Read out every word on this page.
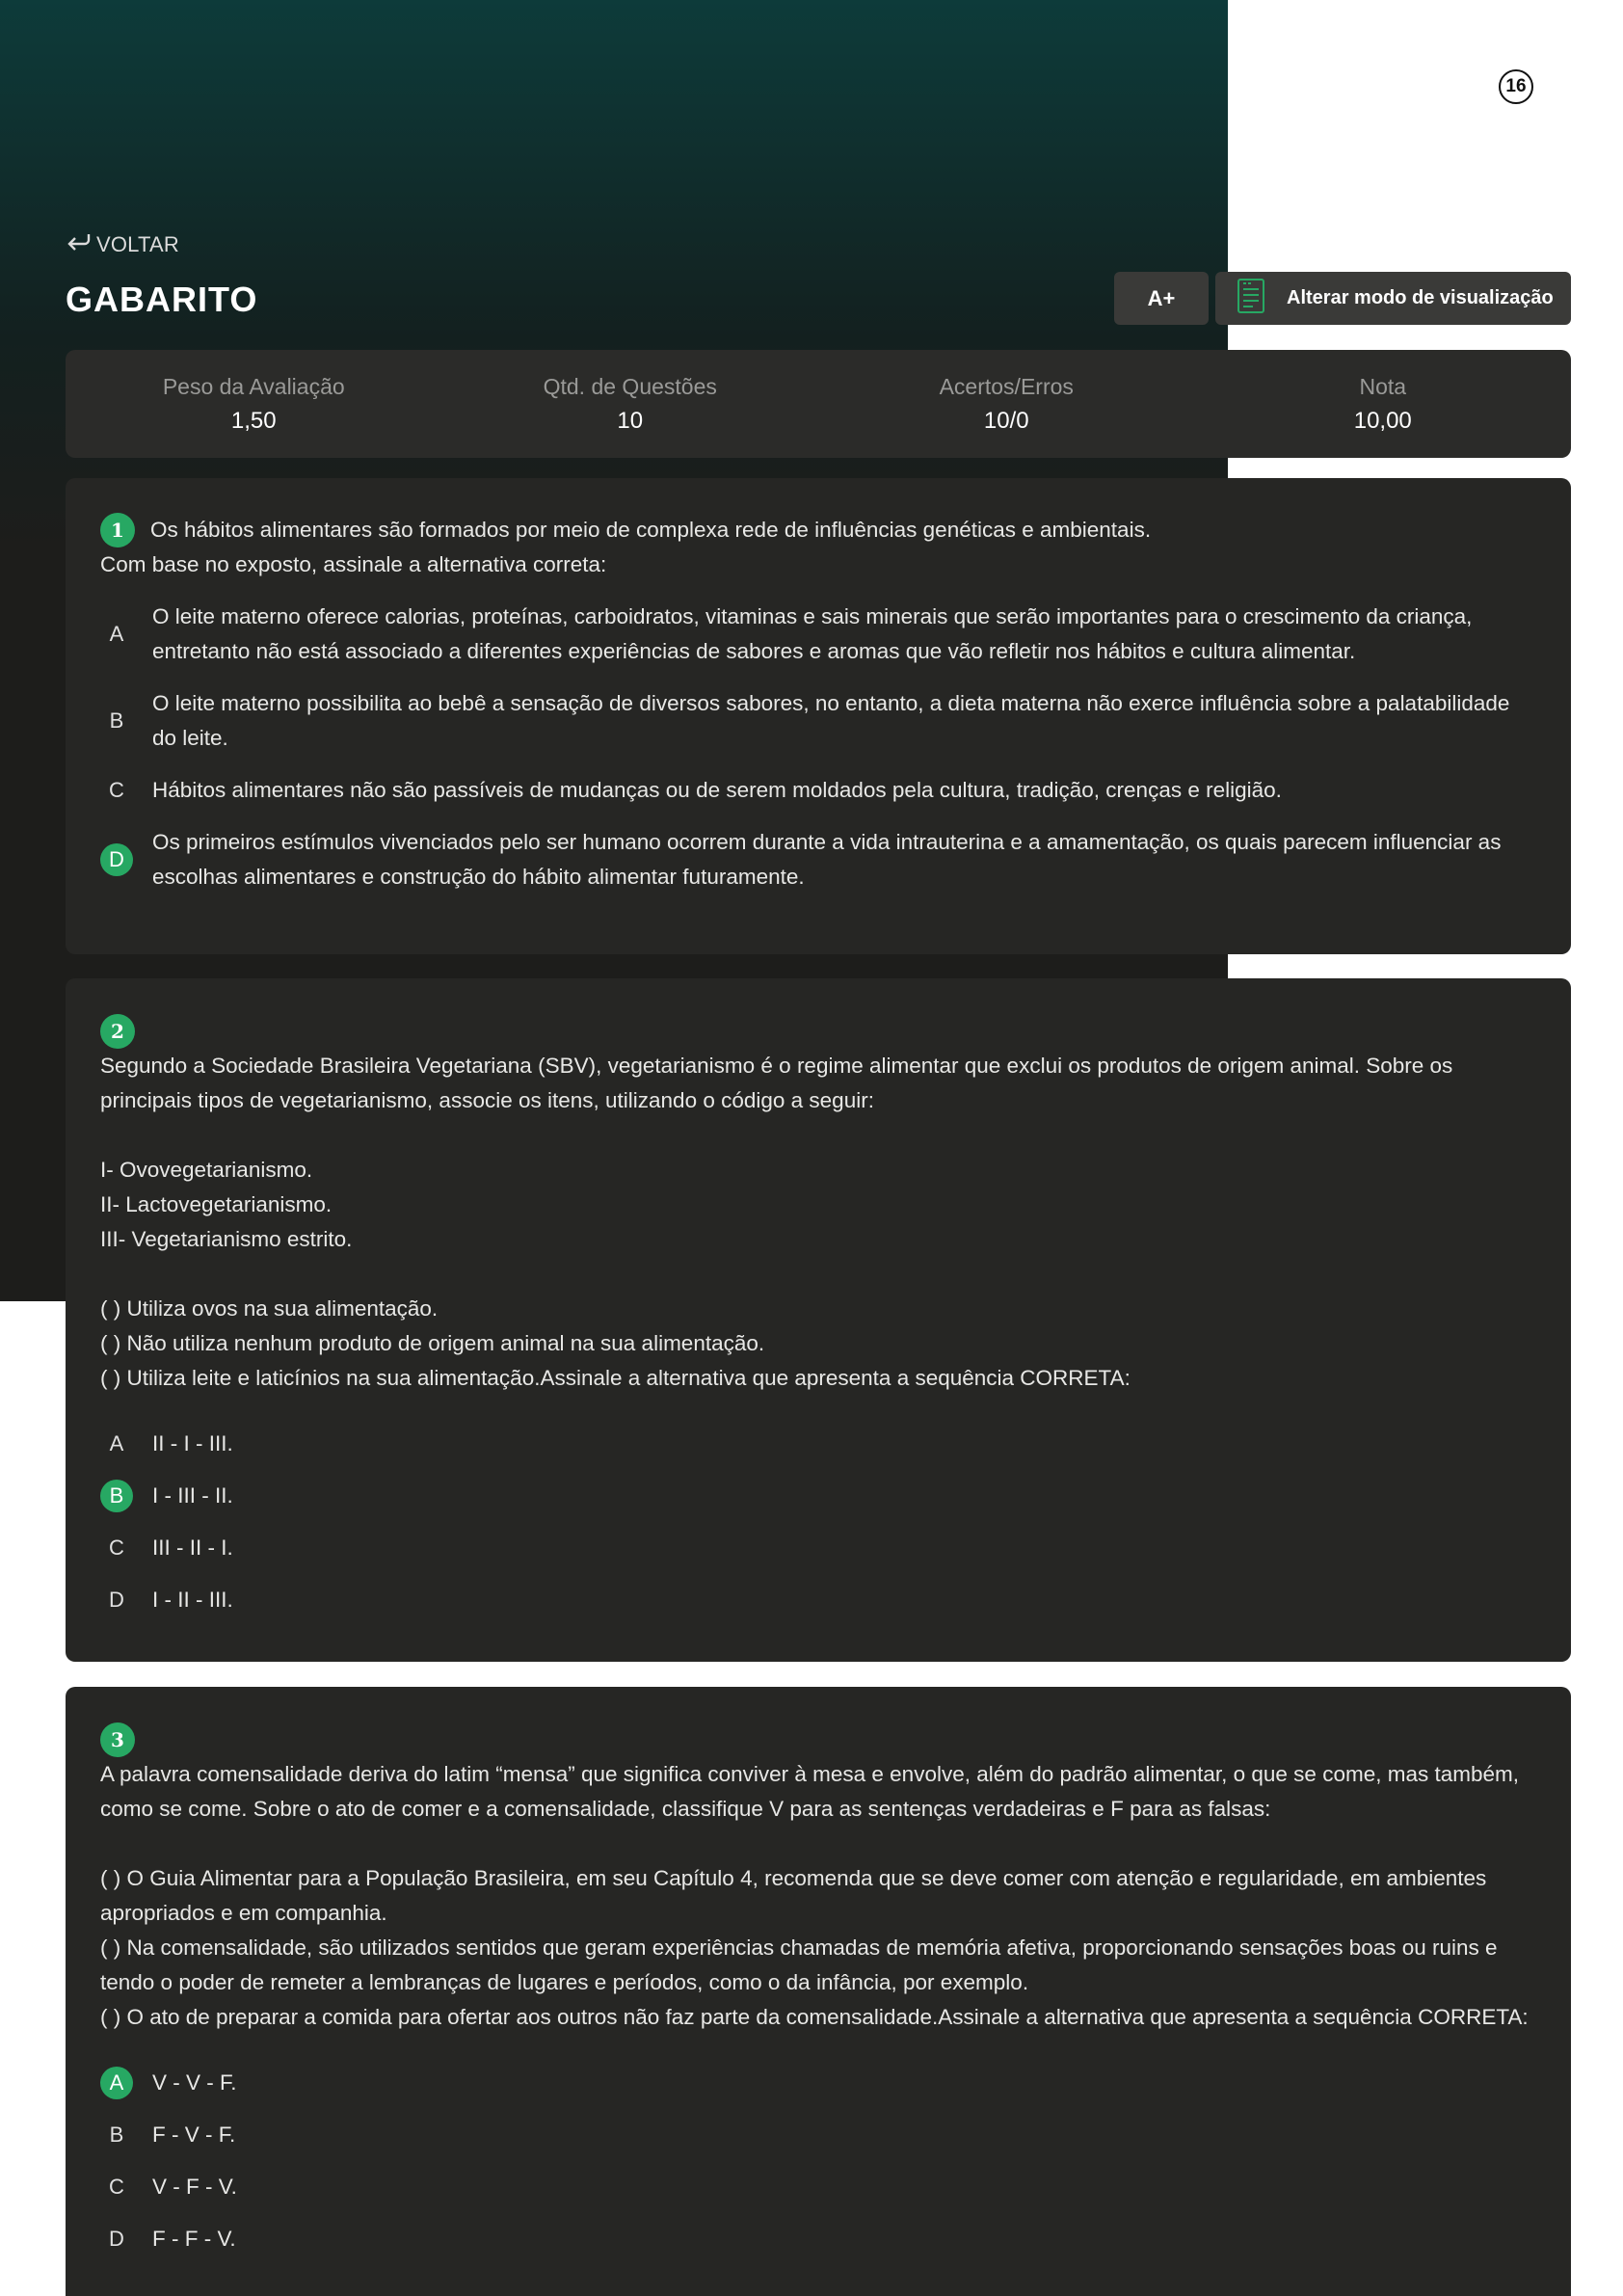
16
VOLTAR
GABARITO	A+	Alterar modo de visualização
Peso da Avaliação
1,50
Qtd. de Questões
10
Acertos/Erros
10/0
Nota
10,00
1	Os hábitos alimentares são formados por meio de complexa rede de influências genéticas e ambientais.
Com base no exposto, assinale a alternativa correta:
A
O leite materno oferece calorias, proteínas, carboidratos, vitaminas e sais minerais que serão importantes para o crescimento da criança, entretanto não está associado a diferentes experiências de sabores e aromas que vão refletir nos hábitos e cultura alimentar.
B
O leite materno possibilita ao bebê a sensação de diversos sabores, no entanto, a dieta materna não exerce influência sobre a palatabilidade do leite.
C	Hábitos alimentares não são passíveis de mudanças ou de serem moldados pela cultura, tradição, crenças e religião.
D
Os primeiros estímulos vivenciados pelo ser humano ocorrem durante a vida intrauterina e a amamentação, os quais parecem influenciar as escolhas alimentares e construção do hábito alimentar futuramente.
2
Segundo a Sociedade Brasileira Vegetariana (SBV), vegetarianismo é o regime alimentar que exclui os produtos de origem animal. Sobre os principais tipos de vegetarianismo, associe os itens, utilizando o código a seguir:
I- Ovovegetarianismo.
II- Lactovegetarianismo.
III- Vegetarianismo estrito.
( ) Utiliza ovos na sua alimentação.
( ) Não utiliza nenhum produto de origem animal na sua alimentação.
( ) Utiliza leite e laticínios na sua alimentação.Assinale a alternativa que apresenta a sequência CORRETA:
A	II - I - III.
B	I - III - II.
C	III - II - I.
D	I - II - III.
3
A palavra comensalidade deriva do latim “mensa” que significa conviver à mesa e envolve, além do padrão alimentar, o que se come, mas também, como se come. Sobre o ato de comer e a comensalidade, classifique V para as sentenças verdadeiras e F para as falsas:
( ) O Guia Alimentar para a População Brasileira, em seu Capítulo 4, recomenda que se deve comer com atenção e regularidade, em ambientes apropriados e em companhia.
( ) Na comensalidade, são utilizados sentidos que geram experiências chamadas de memória afetiva, proporcionando sensações boas ou ruins e tendo o poder de remeter a lembranças de lugares e períodos, como o da infância, por exemplo.
( ) O ato de preparar a comida para ofertar aos outros não faz parte da comensalidade.Assinale a alternativa que apresenta a sequência CORRETA:
A	V - V - F.
B	F - V - F.
C	V - F - V.
D	F - F - V.
